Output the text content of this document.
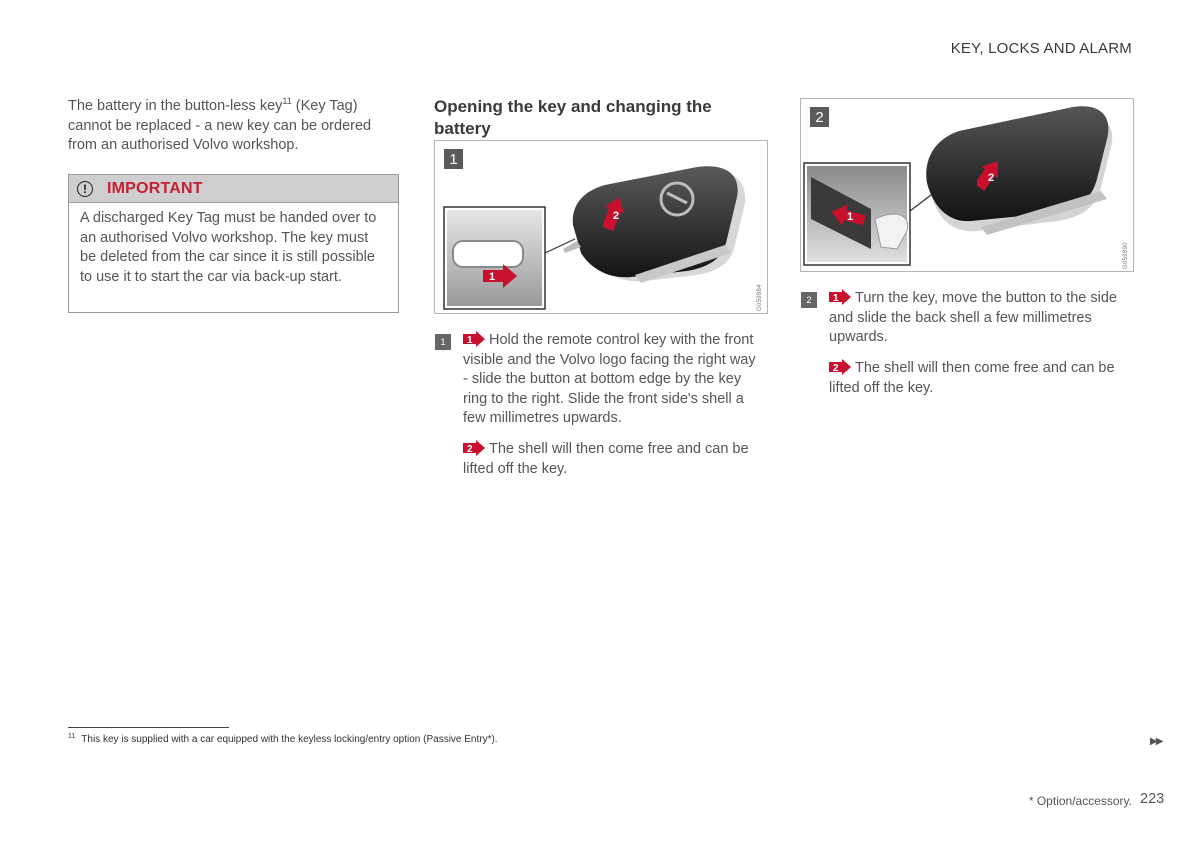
KEY, LOCKS AND ALARM
The battery in the button-less key$^{11}$ (Key Tag) cannot be replaced - a new key can be ordered from an authorised Volvo workshop.
!	IMPORTANT
A discharged Key Tag must be handed over to an authorised Volvo workshop. The key must be deleted from the car since it is still possible to use it to start the car via back-up start.
Opening the key and changing the battery
1
2
1
G059884
1	1 Hold the remote control key with the front visible and the Volvo logo facing the right way - slide the button at bottom edge by the key ring to the right. Slide the front side's shell a few millimetres upwards.
2 The shell will then come free and can be lifted off the key.
2
2
1
G059890
2	1 Turn the key, move the button to the side and slide the back shell a few millimetres upwards.
2 The shell will then come free and can be lifted off the key.
$^{11}$ This key is supplied with a car equipped with the keyless locking/entry option (Passive Entry*).	▶▶
* Option/accessory. 223
